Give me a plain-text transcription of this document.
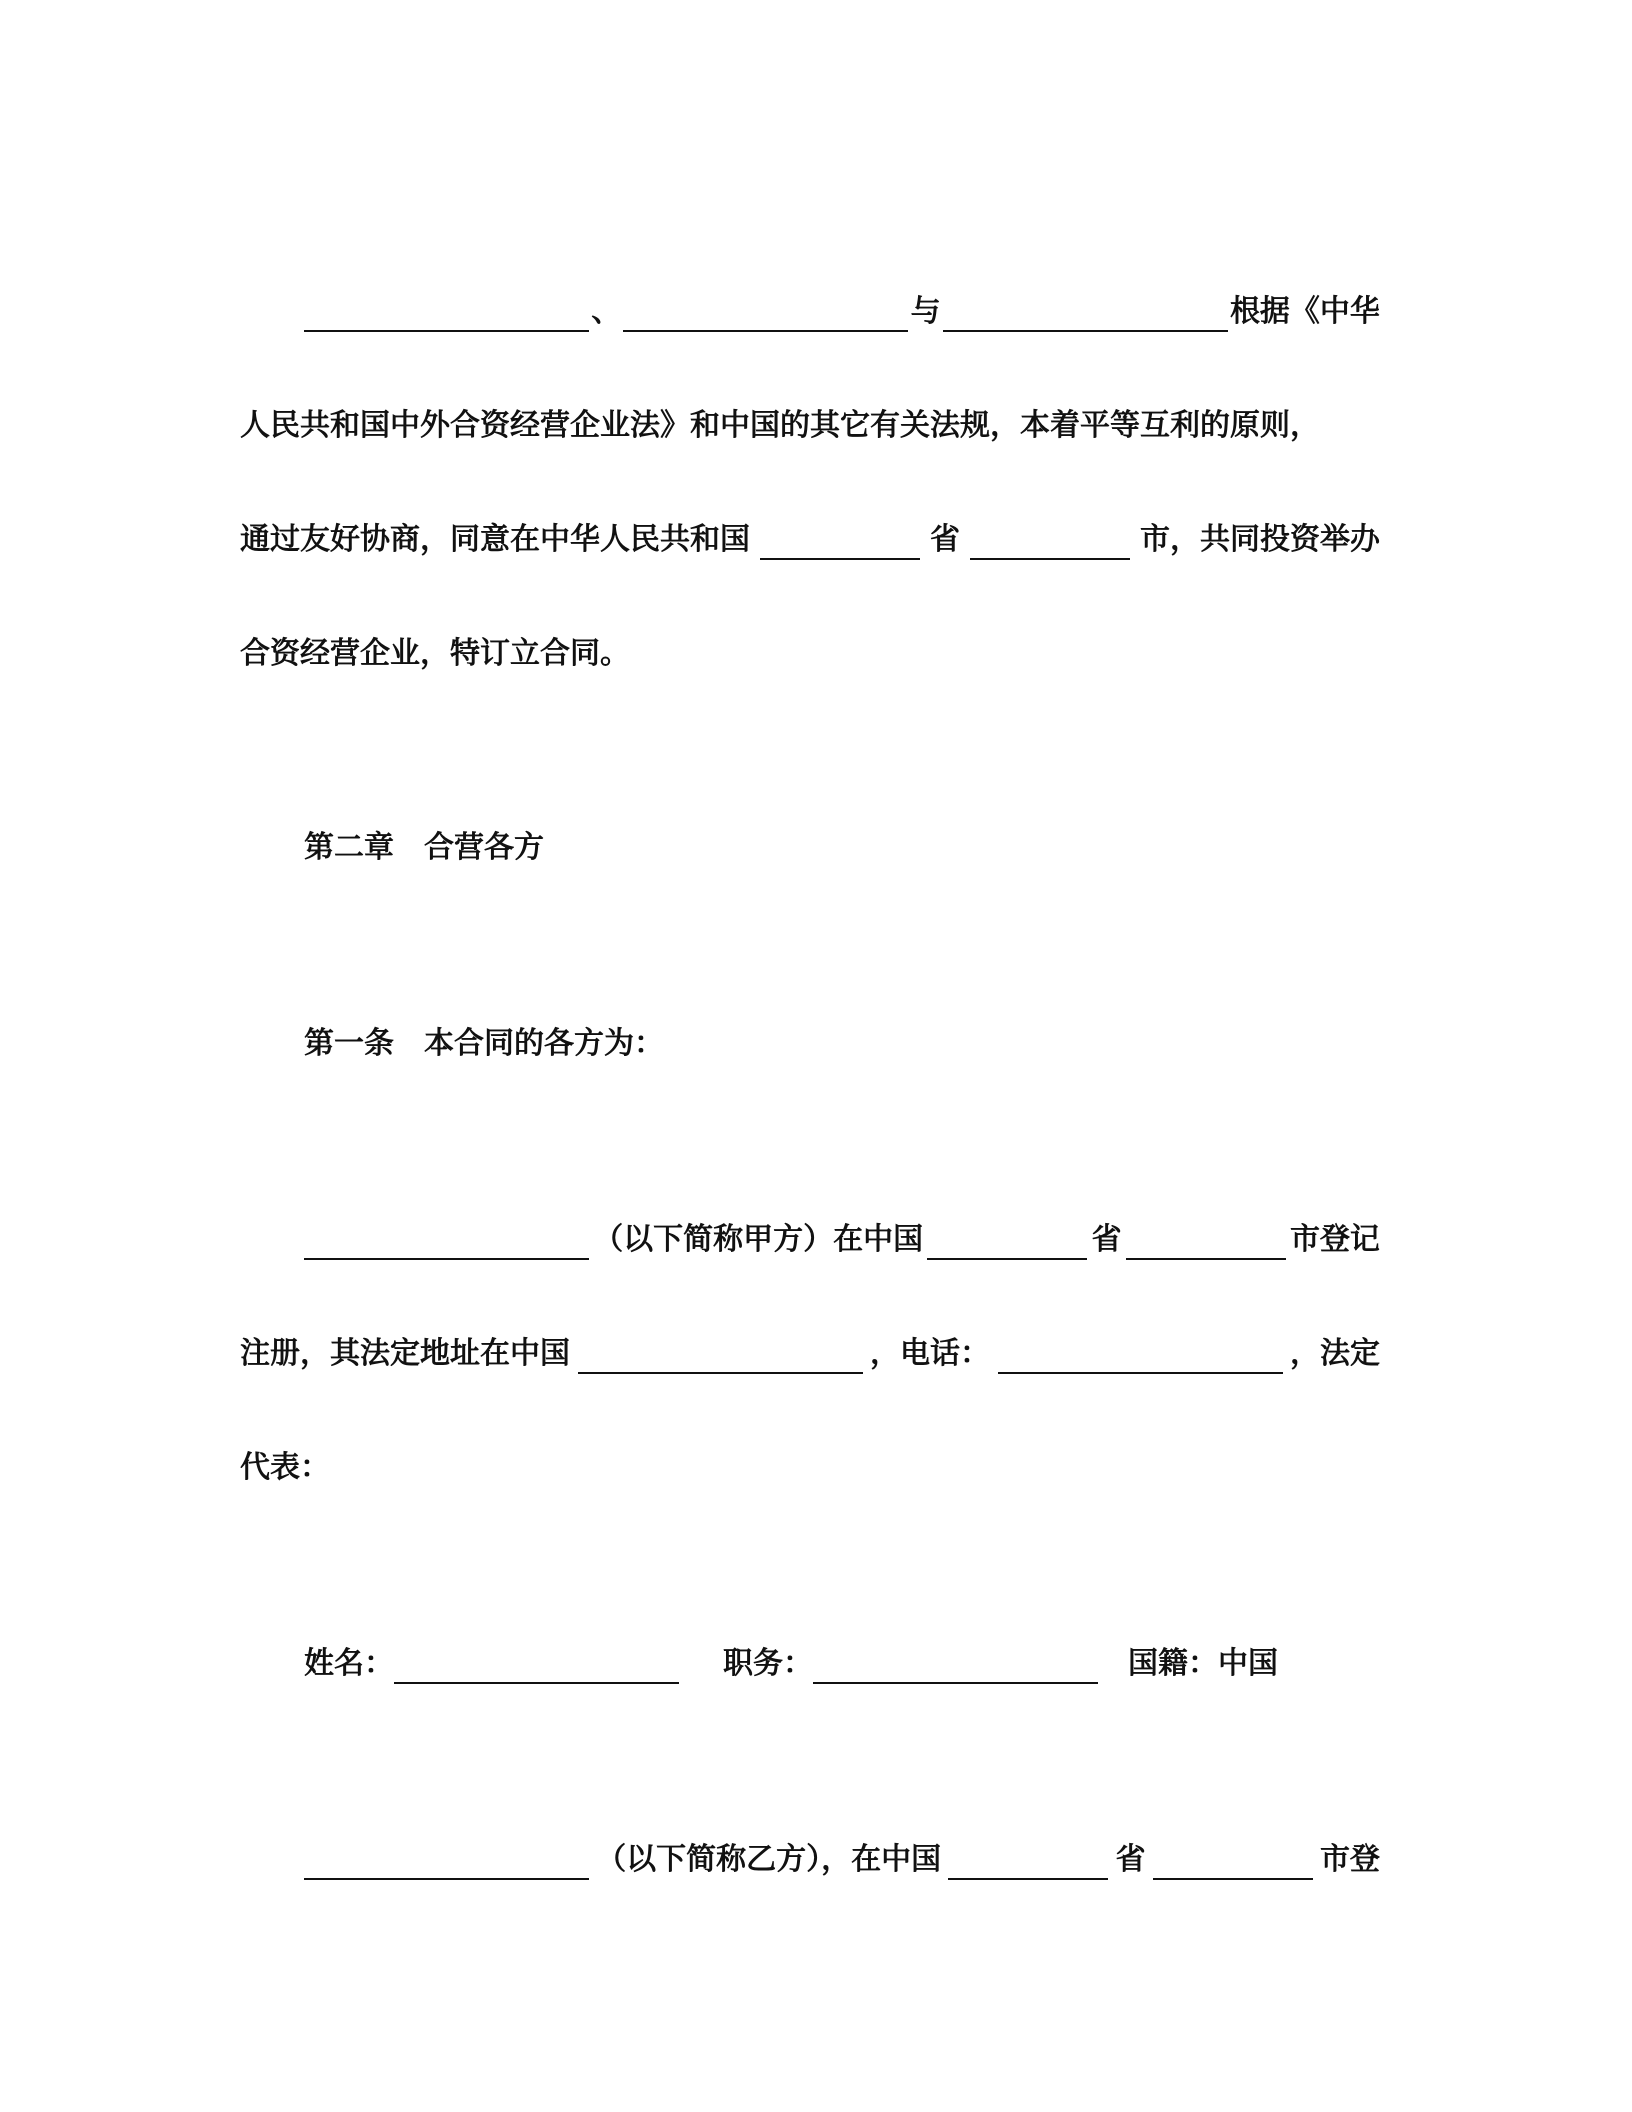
、	与	根据《中华
人民共和国中外合资经营企业法》和中国的其它有关法规，本着平等互利的原则，
通过友好协商，同意在中华人民共和国	省	市，共同投资举办
合资经营企业，特订立合同。
第二章 合营各方
第一条 本合同的各方为：
（以下简称甲方）在中国	省	市登记
注册，其法定地址在中国	，电话：	，法定
代表：
姓名：	职务：	国籍：中国
（以下简称乙方），在中国	省	市登
